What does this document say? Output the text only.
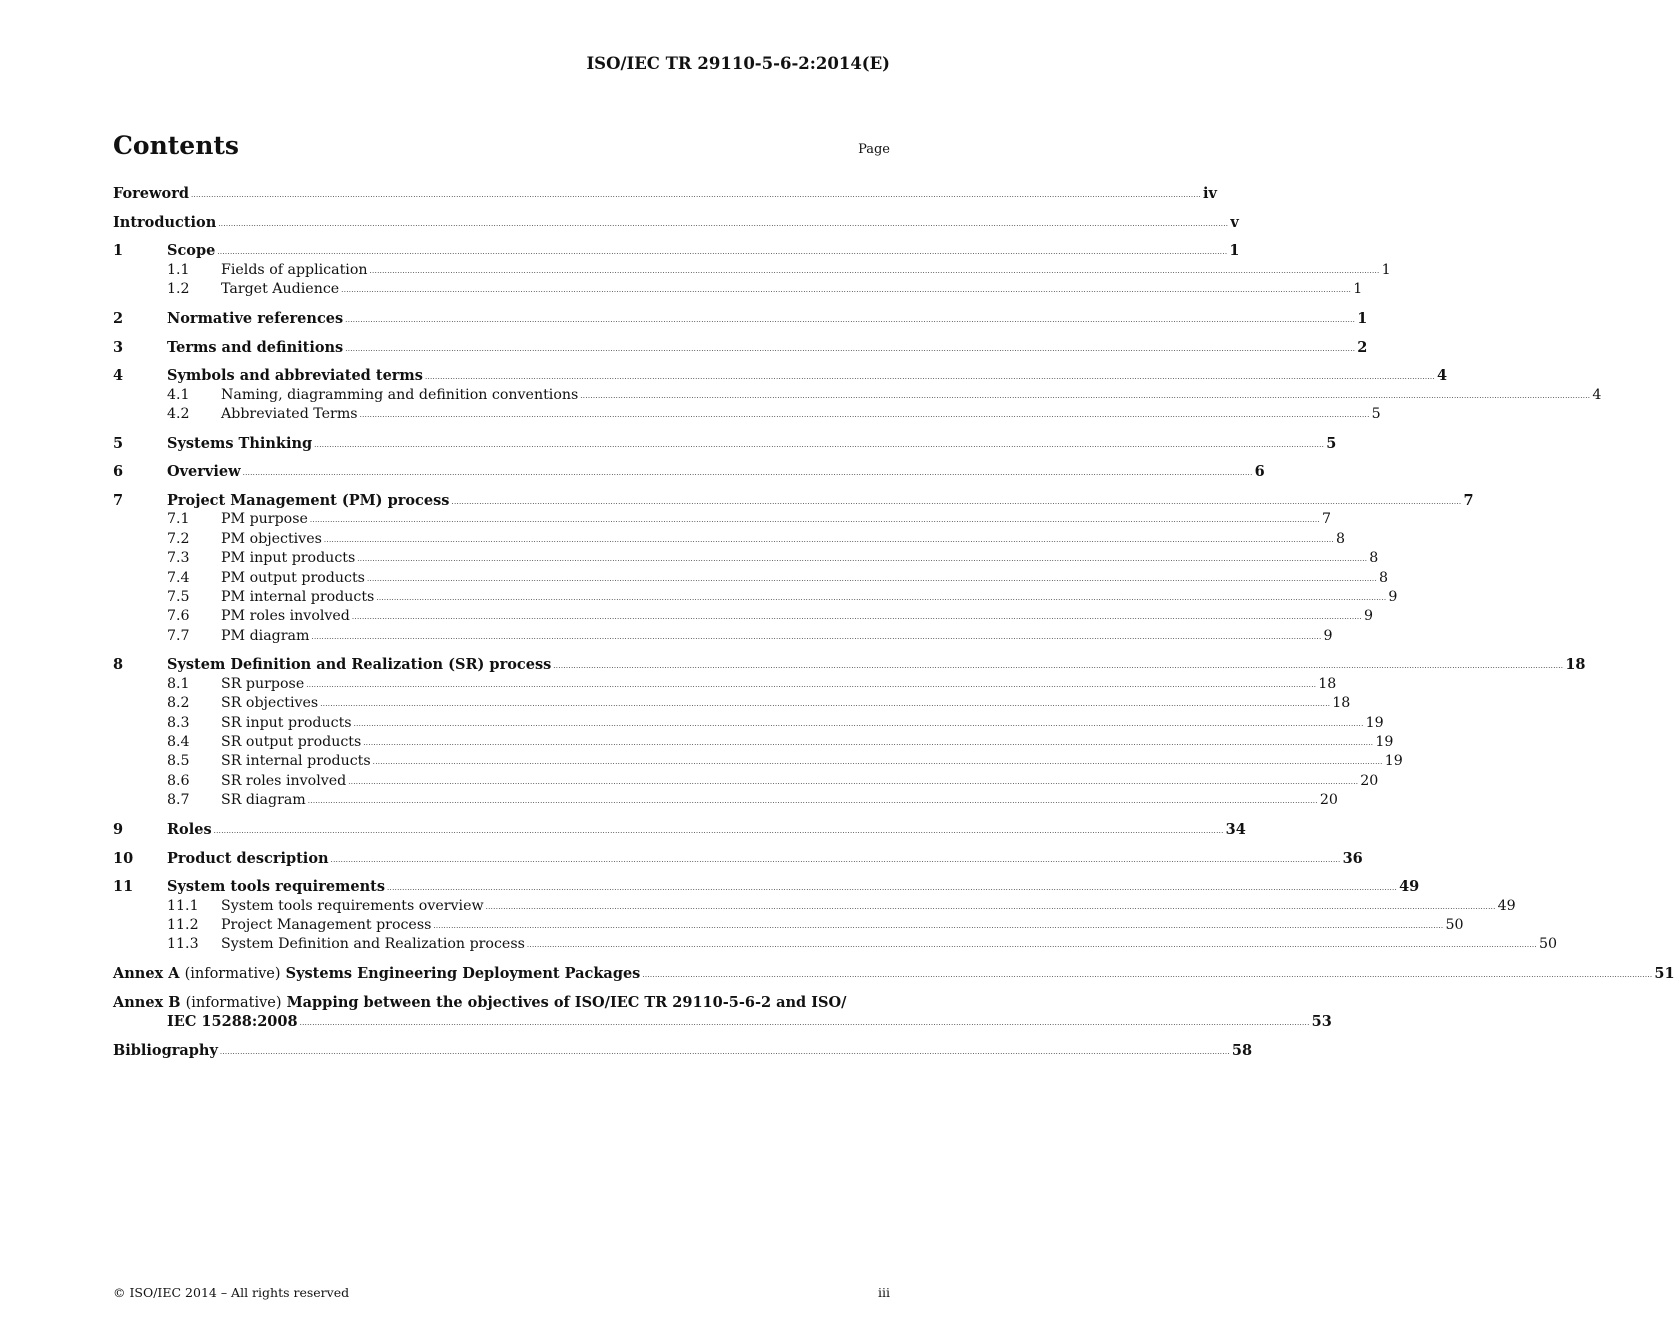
ISO/IEC TR 29110-5-6-2:2014(E)
Contents	Page
Foreword ................................................................................................................................................................................................................................................................................................................................................................................................................ iv
Introduction ................................................................................................................................................................................................................................................................................................................................................................................................................ v
1	Scope ................................................................................................................................................................................................................................................................................................................................................................................................................ 1
1.1	Fields of application ................................................................................................................................................................................................................................................................................................................................................................................................................ 1
1.2	Target Audience ................................................................................................................................................................................................................................................................................................................................................................................................................ 1
2	Normative references ................................................................................................................................................................................................................................................................................................................................................................................................................ 1
3	Terms and definitions ................................................................................................................................................................................................................................................................................................................................................................................................................ 2
4	Symbols and abbreviated terms ................................................................................................................................................................................................................................................................................................................................................................................................................ 4
4.1	Naming, diagramming and definition conventions ................................................................................................................................................................................................................................................................................................................................................................................................................ 4
4.2	Abbreviated Terms ................................................................................................................................................................................................................................................................................................................................................................................................................ 5
5	Systems Thinking ................................................................................................................................................................................................................................................................................................................................................................................................................ 5
6	Overview ................................................................................................................................................................................................................................................................................................................................................................................................................ 6
7	Project Management (PM) process ................................................................................................................................................................................................................................................................................................................................................................................................................ 7
7.1	PM purpose ................................................................................................................................................................................................................................................................................................................................................................................................................ 7
7.2	PM objectives ................................................................................................................................................................................................................................................................................................................................................................................................................ 8
7.3	PM input products ................................................................................................................................................................................................................................................................................................................................................................................................................ 8
7.4	PM output products ................................................................................................................................................................................................................................................................................................................................................................................................................ 8
7.5	PM internal products ................................................................................................................................................................................................................................................................................................................................................................................................................ 9
7.6	PM roles involved ................................................................................................................................................................................................................................................................................................................................................................................................................ 9
7.7	PM diagram ................................................................................................................................................................................................................................................................................................................................................................................................................ 9
8	System Definition and Realization (SR) process ................................................................................................................................................................................................................................................................................................................................................................................................................ 18
8.1	SR purpose ................................................................................................................................................................................................................................................................................................................................................................................................................ 18
8.2	SR objectives ................................................................................................................................................................................................................................................................................................................................................................................................................ 18
8.3	SR input products ................................................................................................................................................................................................................................................................................................................................................................................................................ 19
8.4	SR output products ................................................................................................................................................................................................................................................................................................................................................................................................................ 19
8.5	SR internal products ................................................................................................................................................................................................................................................................................................................................................................................................................ 19
8.6	SR roles involved ................................................................................................................................................................................................................................................................................................................................................................................................................ 20
8.7	SR diagram ................................................................................................................................................................................................................................................................................................................................................................................................................ 20
9	Roles ................................................................................................................................................................................................................................................................................................................................................................................................................ 34
10	Product description ................................................................................................................................................................................................................................................................................................................................................................................................................ 36
11	System tools requirements ................................................................................................................................................................................................................................................................................................................................................................................................................ 49
11.1	System tools requirements overview ................................................................................................................................................................................................................................................................................................................................................................................................................ 49
11.2	Project Management process ................................................................................................................................................................................................................................................................................................................................................................................................................ 50
11.3	System Definition and Realization process ................................................................................................................................................................................................................................................................................................................................................................................................................ 50
Annex A (informative) Systems Engineering Deployment Packages ................................................................................................................................................................................................................................................................................................................................................................................................................ 51
Annex B (informative) Mapping between the objectives of ISO/IEC TR 29110-5-6-2 and ISO/
IEC 15288:2008 ................................................................................................................................................................................................................................................................................................................................................................................................................ 53
Bibliography ................................................................................................................................................................................................................................................................................................................................................................................................................ 58
© ISO/IEC 2014 – All rights reserved	iii
